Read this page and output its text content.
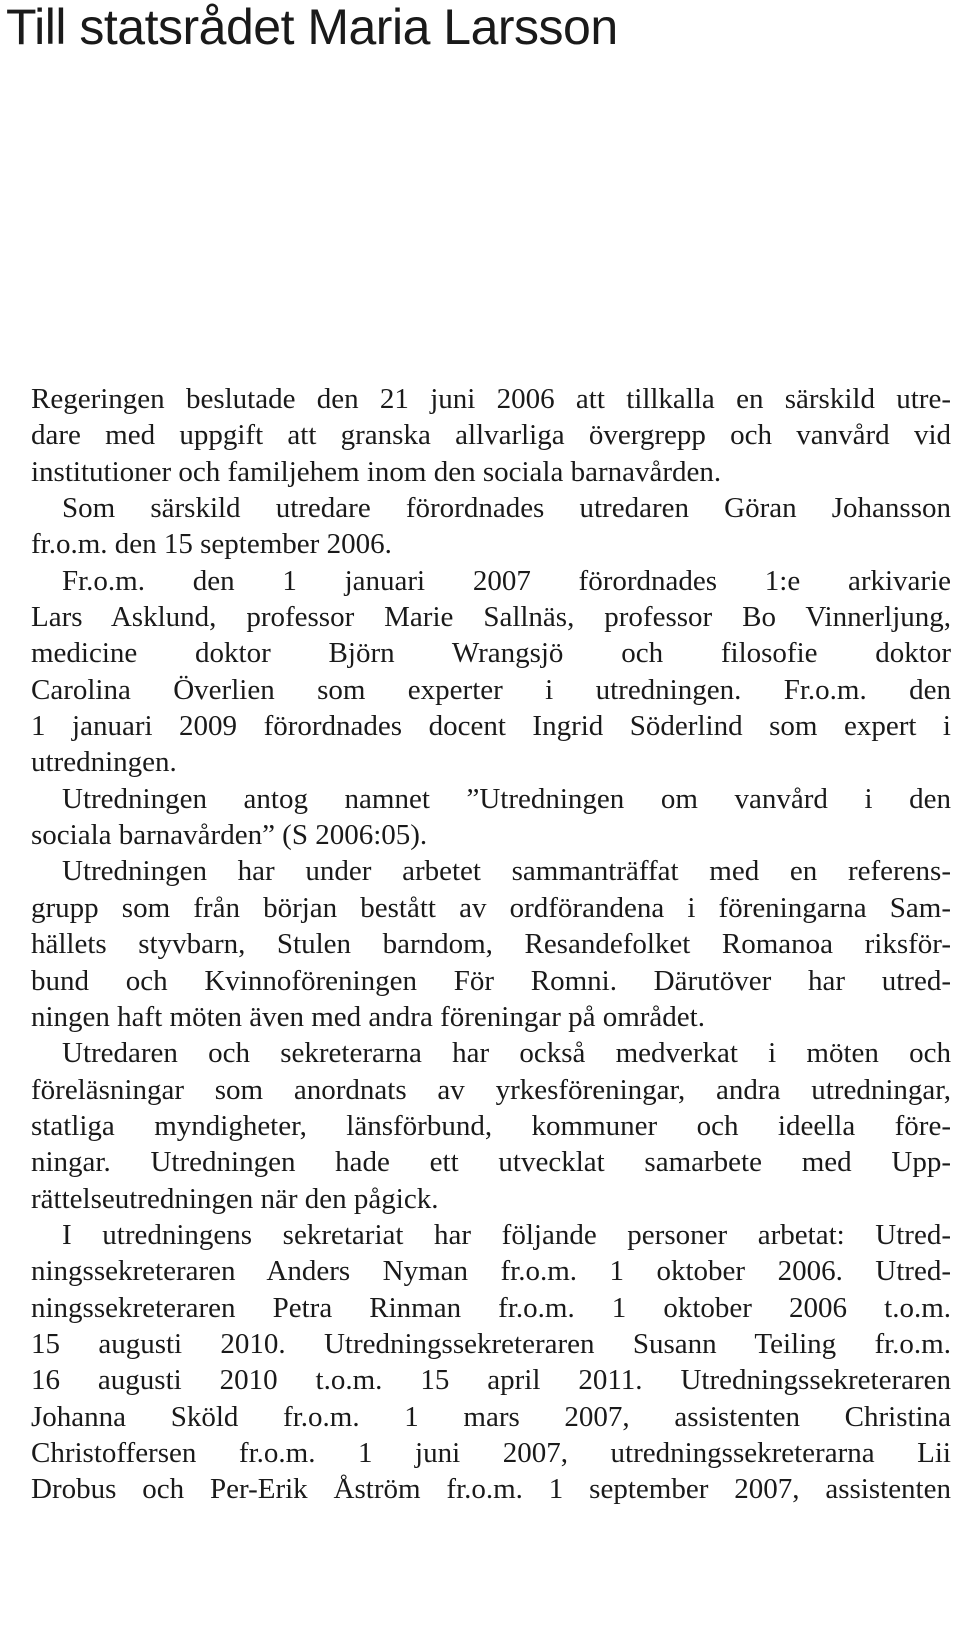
Till statsrådet Maria Larsson
Regeringen beslutade den 21 juni 2006 att tillkalla en särskild utre-
dare med uppgift att granska allvarliga övergrepp och vanvård vid
institutioner och familjehem inom den sociala barnavården.
Som särskild utredare förordnades utredaren Göran Johansson
fr.o.m. den 15 september 2006.
Fr.o.m. den 1 januari 2007 förordnades 1:e arkivarie
Lars Asklund, professor Marie Sallnäs, professor Bo Vinnerljung,
medicine doktor Björn Wrangsjö och filosofie doktor
Carolina Överlien som experter i utredningen. Fr.o.m. den
1 januari 2009 förordnades docent Ingrid Söderlind som expert i
utredningen.
Utredningen antog namnet ”Utredningen om vanvård i den
sociala barnavården” (S 2006:05).
Utredningen har under arbetet sammanträffat med en referens-
grupp som från början bestått av ordförandena i föreningarna Sam-
hällets styvbarn, Stulen barndom, Resandefolket Romanoa riksför-
bund och Kvinnoföreningen För Romni. Därutöver har utred-
ningen haft möten även med andra föreningar på området.
Utredaren och sekreterarna har också medverkat i möten och
föreläsningar som anordnats av yrkesföreningar, andra utredningar,
statliga myndigheter, länsförbund, kommuner och ideella före-
ningar. Utredningen hade ett utvecklat samarbete med Upp-
rättelseutredningen när den pågick.
I utredningens sekretariat har följande personer arbetat: Utred-
ningssekreteraren Anders Nyman fr.o.m. 1 oktober 2006. Utred-
ningssekreteraren Petra Rinman fr.o.m. 1 oktober 2006 t.o.m.
15 augusti 2010. Utredningssekreteraren Susann Teiling fr.o.m.
16 augusti 2010 t.o.m. 15 april 2011. Utredningssekreteraren
Johanna Sköld fr.o.m. 1 mars 2007, assistenten Christina
Christoffersen fr.o.m. 1 juni 2007, utredningssekreterarna Lii
Drobus och Per-Erik Åström fr.o.m. 1 september 2007, assistenten
